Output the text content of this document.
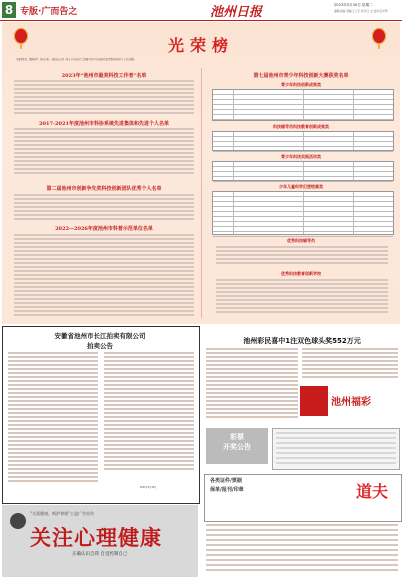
8 专版·广而告之	池州日报	2023年5月30日 星期二
编辑/美编 责编/王之宇 校对/王 杰 监审/章中明
光荣榜
为表彰先进、激励典型，池州市委、市政府决定对一批在全市经济社会发展中作出突出贡献的先进集体和先进个人予以表彰。
2023年“池州市最美科技工作者”名单
2017-2021年度池州市科协系统先进集体和先进个人名单
第二届池州市创新争先奖科技创新团队优秀个人名单
2022—2026年度池州市科普示范单位名单
第七届池州市青少年科技创新大赛获奖名单
青少年科技创新成果类
科技辅导员科技教育创新成果类
青少年科技实践活动类
少年儿童科学幻想绘画类
优秀科技辅导员
优秀科技教育创新学校
安徽省池州市长江拍卖有限公司
拍卖公告
2023年5月30日
池州彩民喜中1注双色球头奖552万元
池州福彩
彩票
开奖公告
“关爱健康，呵护和谐”公益广告宣传
关注心理健康
正确认识自我 自觉控制自己
道夫
各类证件/票据
保单/报刊/印章
